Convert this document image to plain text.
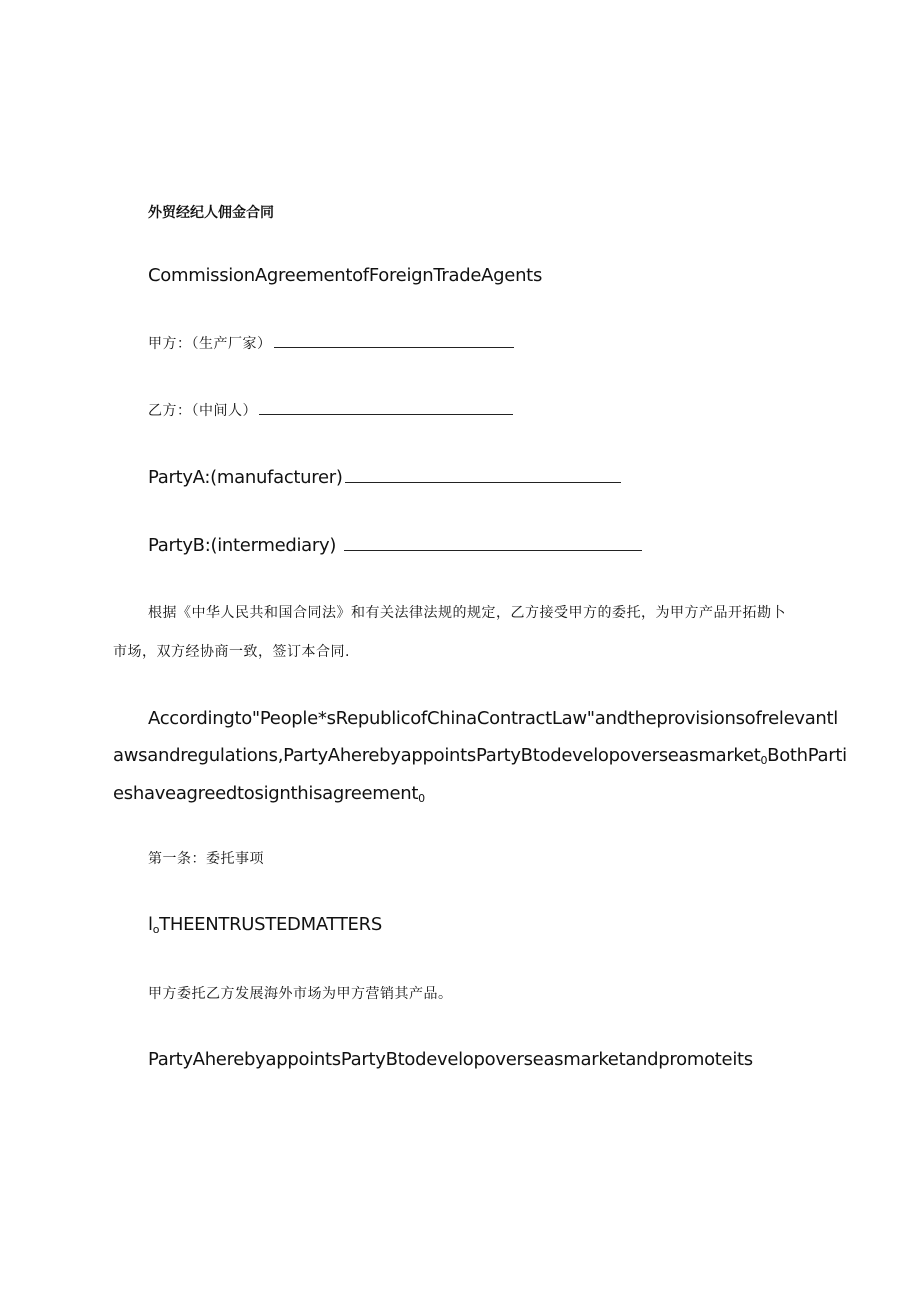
外贸经纪人佣金合同

CommissionAgreementofForeignTradeAgents

甲方：（生产厂家）

乙方：（中间人）

PartyA:(manufacturer)

PartyB:(intermediary)

根据《中华人民共和国合同法》和有关法律法规的规定，乙方接受甲方的委托，为甲方产品开拓勘卜

市场，双方经协商一致，签订本合同.

Accordingto"People*sRepublicofChinaContractLaw"andtheprovisionsofrelevantl

awsandregulations,PartyAherebyappointsPartyBtodevelopoverseasmarket$_0$BothParti

eshaveagreedtosignthisagreement$_0$

第一条：委托事项

$l_oTHEENTRUSTEDMATTERS$

甲方委托乙方发展海外市场为甲方营销其产品。

PartyAherebyappointsPartyBtodevelopoverseasmarketandpromoteits
